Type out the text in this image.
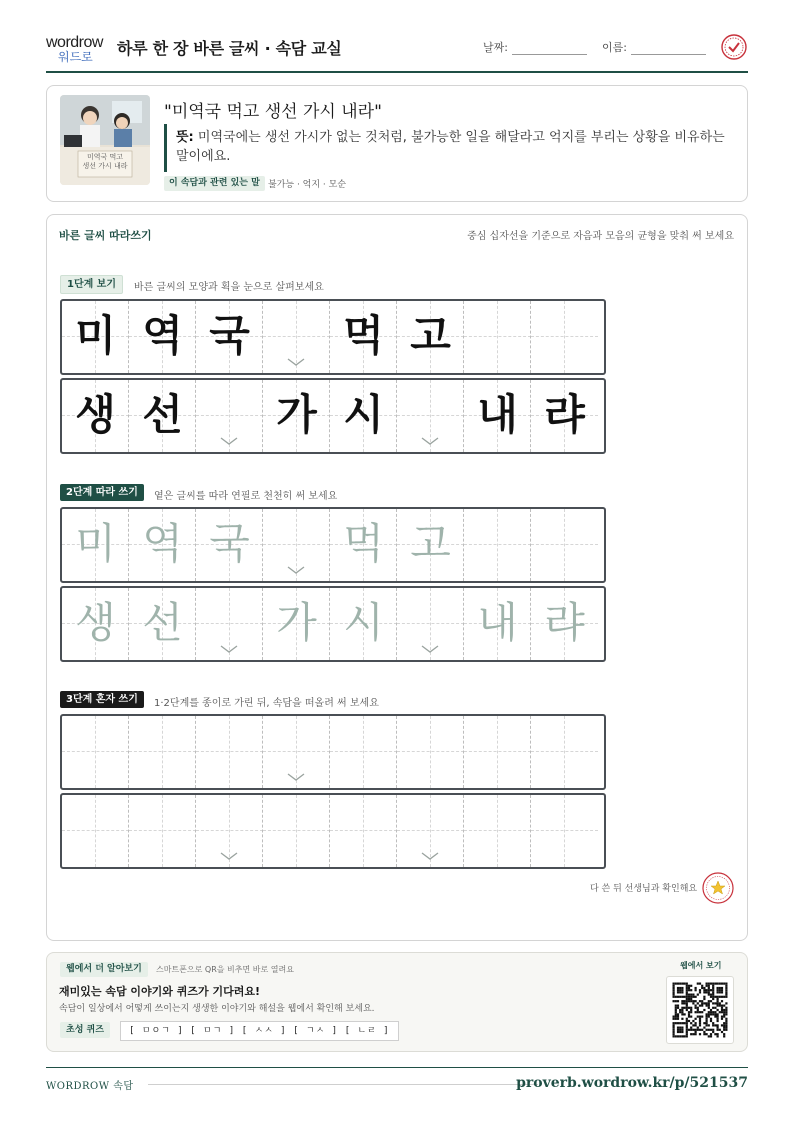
wordrow
워드로 하루 한 장 바른 글씨 · 속담 교실	날짜:	이름:
미역국 먹고
생선 가시 내라
"미역국 먹고 생선 가시 내라"
뜻: 미역국에는 생선 가시가 없는 것처럼, 불가능한 일을 해달라고 억지를 부리는 상황을 비유하는 말이에요.
이 속담과 관련 있는 말 불가능 · 억지 · 모순
바른 글씨 따라쓰기	중심 십자선을 기준으로 자음과 모음의 균형을 맞춰 써 보세요
1단계 보기	바른 글씨의 모양과 획을 눈으로 살펴보세요
미 역 국	먹 고
생 선	가 시	내 랴
2단계 따라 쓰기	옅은 글씨를 따라 연필로 천천히 써 보세요
미 역 국	먹 고
생 선	가 시	내 랴
3단계 혼자 쓰기	1·2단계를 종이로 가린 뒤, 속담을 떠올려 써 보세요
다 쓴 뒤 선생님과 확인해요
웹에서 더 알아보기	스마트폰으로 QR을 비추면 바로 열려요
재미있는 속담 이야기와 퀴즈가 기다려요!
속담이 일상에서 어떻게 쓰이는지 생생한 이야기와 해설을 웹에서 확인해 보세요.
초성 퀴즈	[ ㅁㅇㄱ ] [ ㅁㄱ ] [ ㅅㅅ ] [ ㄱㅅ ] [ ㄴㄹ ]
웹에서 보기
WORDROW 속담	proverb.wordrow.kr/p/521537
